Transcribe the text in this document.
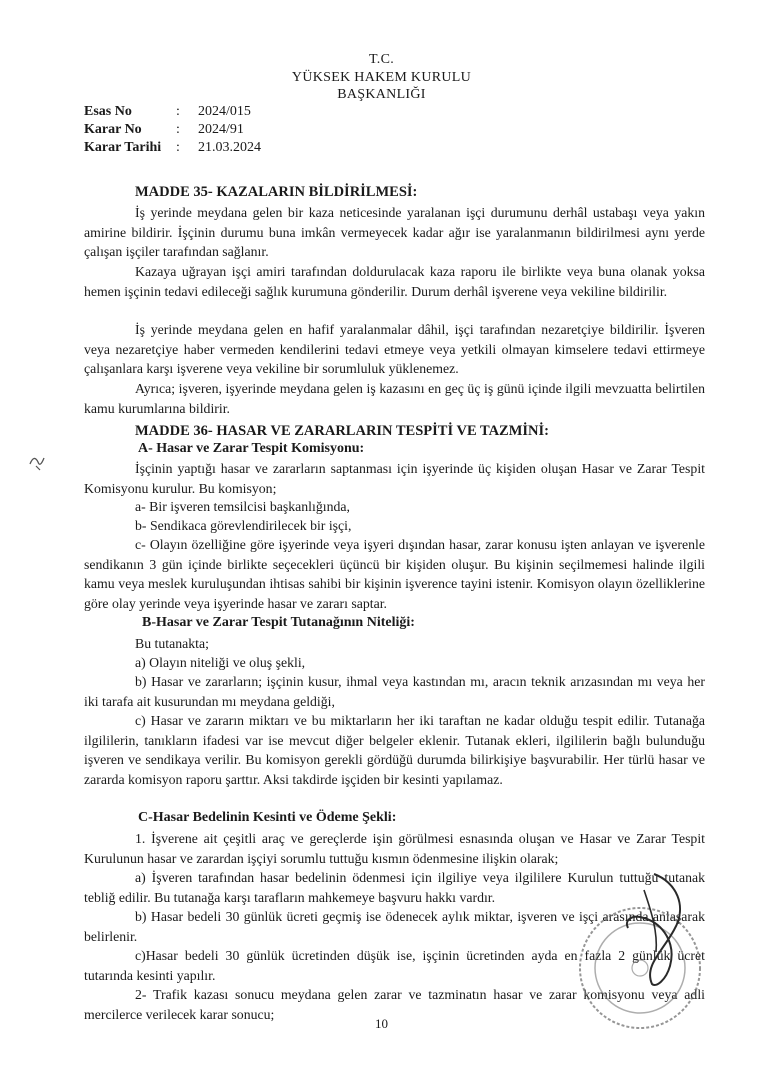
T.C.
YÜKSEK HAKEM KURULU
BAŞKANLIĞI
Esas No	: 2024/015
Karar No : 2024/91
Karar Tarihi : 21.03.2024
MADDE 35- KAZALARIN BİLDİRİLMESİ:
İş yerinde meydana gelen bir kaza neticesinde yaralanan işçi durumunu derhâl ustabaşı veya yakın amirine bildirir. İşçinin durumu buna imkân vermeyecek kadar ağır ise yaralanmanın bildirilmesi aynı yerde çalışan işçiler tarafından sağlanır.
Kazaya uğrayan işçi amiri tarafından doldurulacak kaza raporu ile birlikte veya buna olanak yoksa hemen işçinin tedavi edileceği sağlık kurumuna gönderilir. Durum derhâl işverene veya vekiline bildirilir.
İş yerinde meydana gelen en hafif yaralanmalar dâhil, işçi tarafından nezaretçiye bildirilir. İşveren veya nezaretçiye haber vermeden kendilerini tedavi etmeye veya yetkili olmayan kimselere tedavi ettirmeye çalışanlara karşı işverene veya vekiline bir sorumluluk yüklenemez.
Ayrıca; işveren, işyerinde meydana gelen iş kazasını en geç üç iş günü içinde ilgili mevzuatta belirtilen kamu kurumlarına bildirir.
MADDE 36- HASAR VE ZARARLARIN TESPİTİ VE TAZMİNİ:
A- Hasar ve Zarar Tespit Komisyonu:
İşçinin yaptığı hasar ve zararların saptanması için işyerinde üç kişiden oluşan Hasar ve Zarar Tespit Komisyonu kurulur. Bu komisyon;
a- Bir işveren temsilcisi başkanlığında,
b- Sendikaca görevlendirilecek bir işçi,
c- Olayın özelliğine göre işyerinde veya işyeri dışından hasar, zarar konusu işten anlayan ve işverenle sendikanın 3 gün içinde birlikte seçecekleri üçüncü bir kişiden oluşur. Bu kişinin seçilmemesi halinde ilgili kamu veya meslek kuruluşundan ihtisas sahibi bir kişinin işverence tayini istenir. Komisyon olayın özelliklerine göre olay yerinde veya işyerinde hasar ve zararı saptar.
B-Hasar ve Zarar Tespit Tutanağının Niteliği:
Bu tutanakta;
a) Olayın niteliği ve oluş şekli,
b) Hasar ve zararların; işçinin kusur, ihmal veya kastından mı, aracın teknik arızasından mı veya her iki tarafa ait kusurundan mı meydana geldiği,
c) Hasar ve zararın miktarı ve bu miktarların her iki taraftan ne kadar olduğu tespit edilir. Tutanağa ilgililerin, tanıkların ifadesi var ise mevcut diğer belgeler eklenir. Tutanak ekleri, ilgililerin bağlı bulunduğu işveren ve sendikaya verilir. Bu komisyon gerekli gördüğü durumda bilirkişiye başvurabilir. Her türlü hasar ve zararda komisyon raporu şarttır. Aksi takdirde işçiden bir kesinti yapılamaz.
C-Hasar Bedelinin Kesinti ve Ödeme Şekli:
1. İşverene ait çeşitli araç ve gereçlerde işin görülmesi esnasında oluşan ve Hasar ve Zarar Tespit Kurulunun hasar ve zarardan işçiyi sorumlu tuttuğu kısmın ödenmesine ilişkin olarak;
a) İşveren tarafından hasar bedelinin ödenmesi için ilgiliye veya ilgililere Kurulun tuttuğu tutanak tebliğ edilir. Bu tutanağa karşı tarafların mahkemeye başvuru hakkı vardır.
b) Hasar bedeli 30 günlük ücreti geçmiş ise ödenecek aylık miktar, işveren ve işçi arasında anlaşarak belirlenir.
c)Hasar bedeli 30 günlük ücretinden düşük ise, işçinin ücretinden ayda en fazla 2 günlük ücret tutarında kesinti yapılır.
2- Trafik kazası sonucu meydana gelen zarar ve tazminatın hasar ve zarar komisyonu veya adli mercilerce verilecek karar sonucu;
10
